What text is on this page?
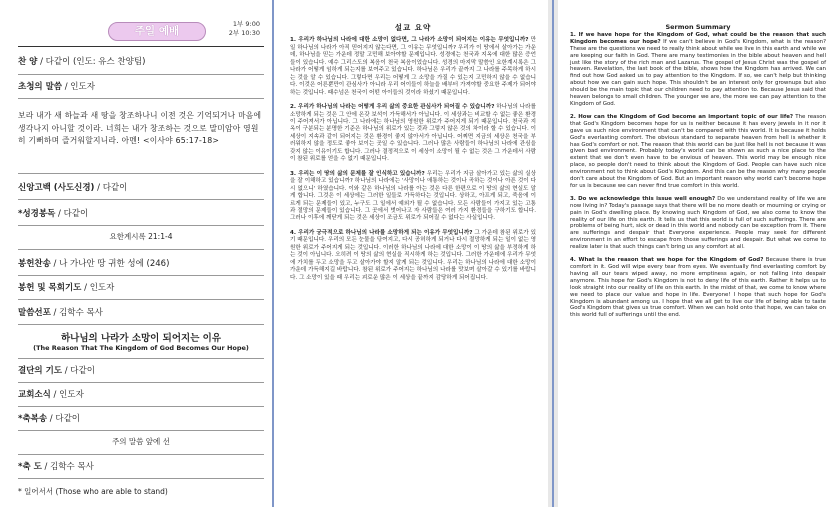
주일 예배
1부 9:00
2부 10:30
찬 양 / 다같이 (인도: 유스 찬양팀)
초청의 말씀 / 인도자
보라 내가 새 하늘과 새 땅을 창조하나니 이전 것은 기억되거나 마음에 생각나지 아니할 것이라. 너희는 내가 창조하는 것으로 말미암아 영원히 기뻐하며 즐거워할지니라. 아멘! <이사야 65:17-18>
신앙고백 (사도신경) / 다같이
*성경봉독 / 다같이
요한계시록 21:1-4
봉헌찬송 / 나 가나안 땅 귀한 성에 (246)
봉헌 및 목회기도 / 인도자
말씀선포 / 김학수 목사
하나님의 나라가 소망이 되어지는 이유
(The Reason That The Kingdom of God Becomes Our Hope)
결단의 기도 / 다같이
교회소식 / 인도자
*축복송 / 다같이
주의 말씀 앞에 선
*축 도 / 김학수 목사
* 일어서서 (Those who are able to stand)
설교 요약

1. 우리가 하나님의 나라에 대한 소망이 없다면, 그 나라가 소망이 되어지는 이유는 무엇입니까? 만일 하나님의 나라가 아직 믿어지지 않는다면, 그 이유는 무엇입니까? 우리가 이 땅에서 살아가는 가운데, 하나님을 믿는 가운데 정말 고민해 보아야할 문제입니다. 성경에는 천국과 지옥에 대한 많은 증언들이 있습니다. 예수 그리스도의 복음이 천국 복음이었습니다. 성경의 마지막 말씀인 요한계시록은 그 나라가 어떻게 임하게 되는지를 보여주고 있습니다. 하나님은 우리가 끝까지 그 나라를 주목하게 하시는 것을 알 수 있습니다. 그렇다면 우리는 어떻게 그 소망을 가질 수 있는지 고민하지 않을 수 없습니다. 이것은 어른뿐만이 관심사가 아니라 우리 어이들이 하늘을 배부터 가져야할 중요한 주제가 되어야 하는 것입니다. 때수넘은 천국이 어떤 아이들의 것이라 하셨기 때문입니다.

2. 우리가 하나님의 나라는 어떻게 우리 삶의 중요한 관심사가 되어질 수 있습니까? 하나님의 나라를 소망하게 되는 것은 그 안에 온갖 보석이 가득해서가 아닙니다. 이 세상과는 비교할 수 없는 좋은 환경이 주어져서가 아닙니다. 그 나라에는 하나님의 영원한 위로가 주어지게 되기 때문입니다. 천국과 지옥이 구분되는 분명한 기준은 하나님의 위로가 있는 것과 그렇지 않은 것의 차이라 할 수 있습니다. 이 세상이 지속과 같이 되어지는 것은 환경이 좋지 않아서가 아닙니다. 어찌면 지금의 세상은 천국을 부러워하지 않을 정도로 좋아 보이는 곳일 수 있습니다. 그러나 많은 사람들이 하나님의 나라에 관심을 갖지 않는 이유이기도 합니다. 그러나 결정적으로 이 세상이 소망이 될 수 없는 것은 그 가운데서 사람이 참된 위로를 얻을 수 없기 때문입니다.

3. 우리는 이 땅의 삶의 문제를 잘 인식하고 있습니까? 우리는 우리가 지금 살아가고 있는 삶의 실상을 잘 이해하고 있습니까? 하나님의 나라에는 '사망이나 애통하는 것이나 곡하는 것이나 아픈 것이 다시 없으니' 하였습니다. 이와 같은 하나님의 나라를 아는 것은 다른 한편으로 이 땅의 삶의 현실도 알게 합니다. 그것은 이 세상에는 그러한 일들로 가득하다는 것입니다. 상하고, 아프게 되고, 죽음에 이르게 되는 문제들이 있고, 누구도 그 일에서 예외가 될 수 없습니다. 모든 사람들이 가지고 있는 고통과 절망의 문제들이 있습니다. 그 곳에서 벗어나고 자 사람들은 여러 가지 환경들을 구하기도 합니다. 그러나 이후에 깨닫게 되는 것은 세상이 조금도 위로가 되어질 수 없다는 사실입니다.

4. 우리가 궁극적으로 하나님의 나라를 소망하게 되는 이유가 무엇입니까? 그 가운데 참된 위로가 있기 때문입니다. 우리의 모든 눈물을 닦여지고, 다시 공허하게 되거나 다시 절망하게 되는 일이 없는 영원한 위로가 주어지게 되는 것입니다. 이러한 하나님의 나라에 대한 소망이 이 땅의 삶을 부정하게 하는 것이 아닙니다. 오히려 이 땅의 삶의 현실을 직시하게 하는 것입니다. 그러한 가운데에 우리가 무엇에 가치를 두고 소망을 두고 살아가야 할지 알게 되는 것입니다. 우리는 하나님의 나라에 대한 소망이 가운데 가득해지길 바랍니다. 참된 위로가 주어지는 하나님의 나라를 맛보며 살아갈 수 있기를 바랍니다. 그 소망이 있을 때 우리는 괴로운 많은 이 세상을 끝까지 감당하게 되어집니다.

Sermon Summary

1. If we have hope for the Kingdom of God, what could be the reason that such Kingdom becomes our hope? If we can't believe in God's Kingdom, what is the reason? These are the questions we need to really think about while we live in this earth and while we are keeping our faith in God. There are many testimonies in the bible about heaven and hell just like the story of the rich man and Lazarus. The gospel of Jesus Christ was the gospel of heaven. Revelation, the last book of the bible, shows how the Kingdom has arrived. We can find out how God asked us to pay attention to the Kingdom. If so, we can't help but thinking about how we can gain such hope. This shouldn't be an interest only for grownups but also should be the main topic that our children need to pay attention to. Because Jesus said that heaven belongs to small children. The younger we are, the more we can pay attention to the Kingdom of God.

2. How can the Kingdom of God become an important topic of our life? The reason that God's Kingdom becomes hope for us is neither because it has every jewels in it nor it gave us such nice environment that can't be compared with this world. It is because it holds God's everlasting comfort. The obvious standard to separate heaven from hell is whether it has God's comfort or not. The reason that this world can be just like hell is not because it was given bad environment. Probably today's world can be shown as such a nice place to the extent that we don't even have to be envious of heaven. This world may be enough nice place, so people don't need to think about the Kingdom of God. People can have such nice environment not to think about God's Kingdom. And this can be the reason why many people don't care about the Kingdom of God. But an important reason why world can't become hope for us is because we can never find true comfort in this world.

3. Do we acknowledge this issue well enough? Do we understand reality of life we are now living in? Today's passage says that there will be no more death or mourning or crying or pain in God's dwelling place. By knowing such Kingdom of God, we also come to know the reality of our life on this earth. It tells us that this world is full of such sufferings. There are problems of being hurt, sick or dead in this world and nobody can be exception from it. There are sufferings and despair that Everyone experience. People may seek for different environment in an effort to escape from those sufferings and despair. But what we come to realize later is that such things can't bring us any comfort at all.

4. What is the reason that we hope for the Kingdom of God? Because there is true comfort in it. God will wipe every tear from eyes. We eventually find everlasting comfort by having all our tears wiped away, no more emptiness again, or not falling into despair anymore. This hope for God's Kingdom is not to deny life of this earth. Rather it helps us to look straight into our reality of life on this earth. In the midst of that, we come to know where we need to place our value and hope in life. Everyone! I hope that such hope for God's Kingdom is abundant among us. I hope that we all get to live our life of being able to taste God's Kingdom that gives us true comfort. When we can hold onto that hope, we can take on this world full of sufferings until the end.
